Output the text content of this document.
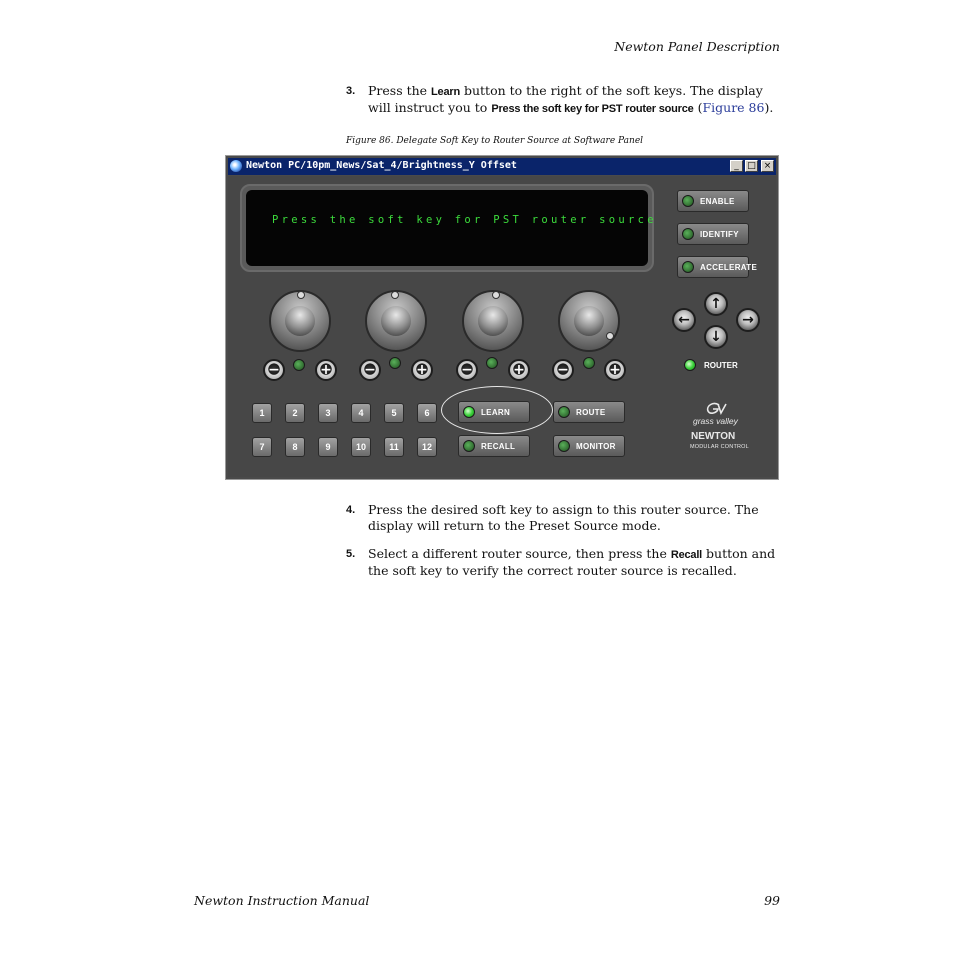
Newton Panel Description
3. Press the Learn button to the right of the soft keys. The display will instruct you to Press the soft key for PST router source (Figure 86).
Figure 86. Delegate Soft Key to Router Source at Software Panel
Newton PC/10pm_News/Sat_4/Brightness_Y Offset	_ □ ×
Press the soft key for PST router source
−	+	−	+	−	+	−	+
1	2	3	4	5	6
7	8	9	10	11	12
LEARN
RECALL
ROUTE
MONITOR
ENABLE
IDENTIFY
ACCELERATE
↑
←	→
↓
ROUTER
grass valley
NEWTON
MODULAR CONTROL
4. Press the desired soft key to assign to this router source. The display will return to the Preset Source mode.
5. Select a different router source, then press the Recall button and the soft key to verify the correct router source is recalled.
Newton Instruction Manual	99
